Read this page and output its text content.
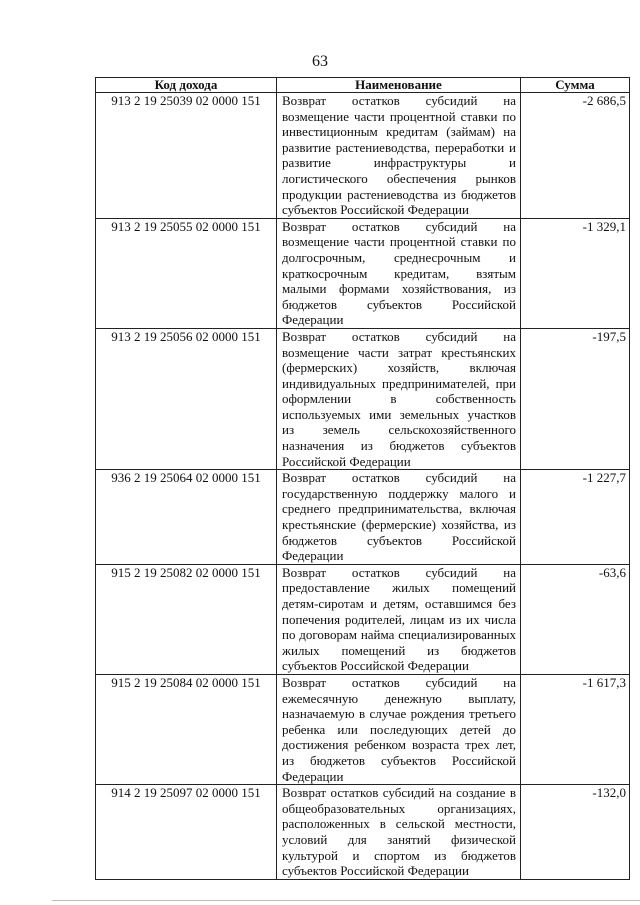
63
Код дохода	Наименование	Сумма
913 2 19 25039 02 0000 151	Возврат остатков субсидий на возмещение части процентной ставки по инвестиционным кредитам (займам) на развитие растениеводства, переработки и развитие инфраструктуры и логистического обеспечения рынков продукции растениеводства из бюджетов субъектов Российской Федерации	-2 686,5
913 2 19 25055 02 0000 151	Возврат остатков субсидий на возмещение части процентной ставки по долгосрочным, среднесрочным и краткосрочным кредитам, взятым малыми формами хозяйствования, из бюджетов субъектов Российской Федерации	-1 329,1
913 2 19 25056 02 0000 151	Возврат остатков субсидий на возмещение части затрат крестьянских (фермерских) хозяйств, включая индивидуальных предпринимателей, при оформлении в собственность используемых ими земельных участков из земель сельскохозяйственного назначения из бюджетов субъектов Российской Федерации	-197,5
936 2 19 25064 02 0000 151	Возврат остатков субсидий на государственную поддержку малого и среднего предпринимательства, включая крестьянские (фермерские) хозяйства, из бюджетов субъектов Российской Федерации	-1 227,7
915 2 19 25082 02 0000 151	Возврат остатков субсидий на предоставление жилых помещений детям-сиротам и детям, оставшимся без попечения родителей, лицам из их числа по договорам найма специализированных жилых помещений из бюджетов субъектов Российской Федерации	-63,6
915 2 19 25084 02 0000 151	Возврат остатков субсидий на ежемесячную денежную выплату, назначаемую в случае рождения третьего ребенка или последующих детей до достижения ребенком возраста трех лет, из бюджетов субъектов Российской Федерации	-1 617,3
914 2 19 25097 02 0000 151	Возврат остатков субсидий на создание в общеобразовательных организациях, расположенных в сельской местности, условий для занятий физической культурой и спортом из бюджетов субъектов Российской Федерации	-132,0
